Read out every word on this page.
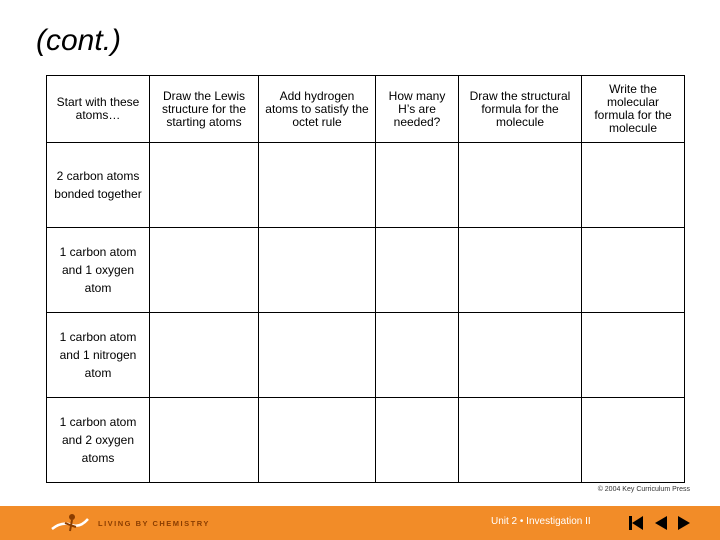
(cont.)
Start with these atoms…	Draw the Lewis structure for the starting atoms	Add hydrogen atoms to satisfy the octet rule	How many H’s are needed?	Draw the structural formula for the molecule	Write the molecular formula for the molecule
2 carbon atoms bonded together					
1 carbon atom and 1 oxygen atom					
1 carbon atom and 1 nitrogen atom					
1 carbon atom and 2 oxygen atoms					
© 2004 Key Curriculum Press
LIVING BY CHEMISTRY	Unit 2 • Investigation II
